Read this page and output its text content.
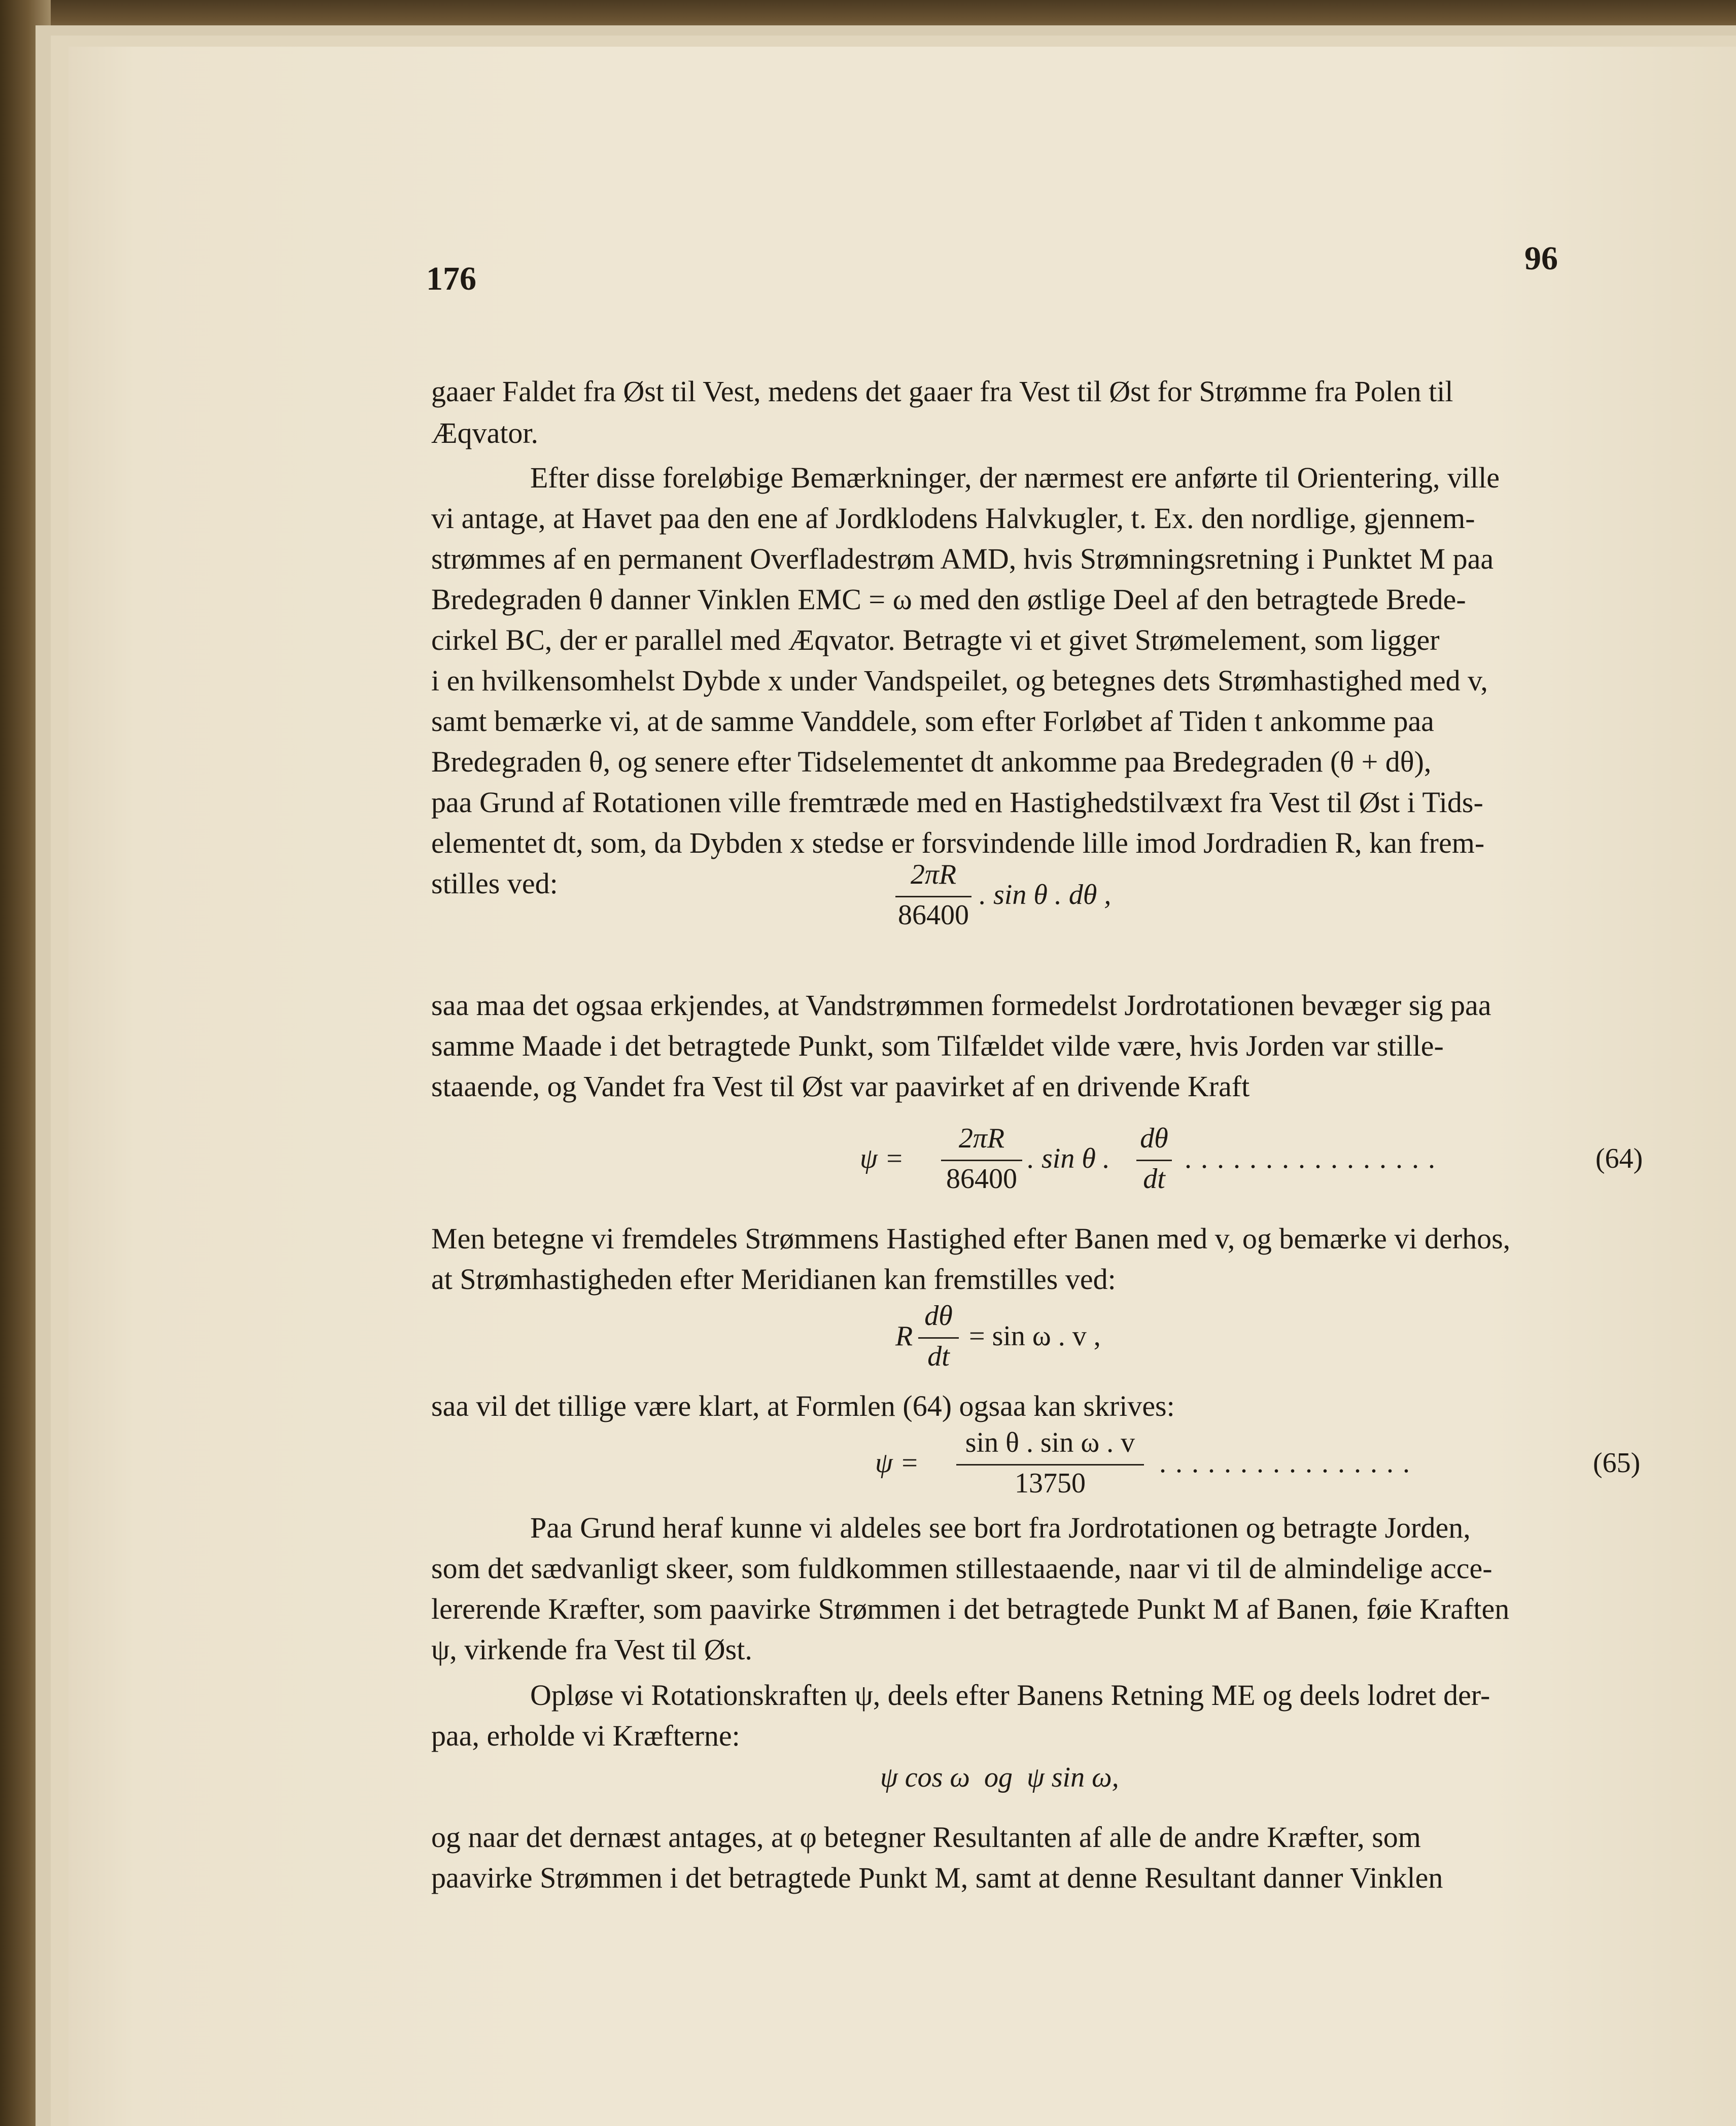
176
96
gaaer Faldet fra Øst til Vest, medens det gaaer fra Vest til Øst for Strømme fra Polen til
Æqvator.
Efter disse foreløbige Bemærkninger, der nærmest ere anførte til Orientering, ville
vi antage, at Havet paa den ene af Jordklodens Halvkugler, t. Ex. den nordlige, gjennem-
strømmes af en permanent Overfladestrøm AMD, hvis Strømningsretning i Punktet M paa
Bredegraden θ danner Vinklen EMC = ω med den østlige Deel af den betragtede Brede-
cirkel BC, der er parallel med Æqvator. Betragte vi et givet Strømelement, som ligger
i en hvilkensomhelst Dybde x under Vandspeilet, og betegnes dets Strømhastighed med v,
samt bemærke vi, at de samme Vanddele, som efter Forløbet af Tiden t ankomme paa
Bredegraden θ, og senere efter Tidselementet dt ankomme paa Bredegraden (θ + dθ),
paa Grund af Rotationen ville fremtræde med en Hastighedstilvæxt fra Vest til Øst i Tids-
elementet dt, som, da Dybden x stedse er forsvindende lille imod Jordradien R, kan frem-
stilles ved:	2πR
86400
. sin θ . dθ ,
saa maa det ogsaa erkjendes, at Vandstrømmen formedelst Jordrotationen bevæger sig paa
samme Maade i det betragtede Punkt, som Tilfældet vilde være, hvis Jorden var stille-
staaende, og Vandet fra Vest til Øst var paavirket af en drivende Kraft
ψ =
2πR
86400
. sin θ .
dθ
dt
................	(64)
Men betegne vi fremdeles Strømmens Hastighed efter Banen med v, og bemærke vi derhos,
at Strømhastigheden efter Meridianen kan fremstilles ved:
R
dθ
dt
= sin ω . v ,
saa vil det tillige være klart, at Formlen (64) ogsaa kan skrives:
ψ =
sin θ . sin ω . v
13750
................	(65)
Paa Grund heraf kunne vi aldeles see bort fra Jordrotationen og betragte Jorden,
som det sædvanligt skeer, som fuldkommen stillestaaende, naar vi til de almindelige acce-
lererende Kræfter, som paavirke Strømmen i det betragtede Punkt M af Banen, føie Kraften
ψ, virkende fra Vest til Øst.
Opløse vi Rotationskraften ψ, deels efter Banens Retning ME og deels lodret der-
paa, erholde vi Kræfterne:
ψ cos ω  og  ψ sin ω,
og naar det dernæst antages, at φ betegner Resultanten af alle de andre Kræfter, som
paavirke Strømmen i det betragtede Punkt M, samt at denne Resultant danner Vinklen
